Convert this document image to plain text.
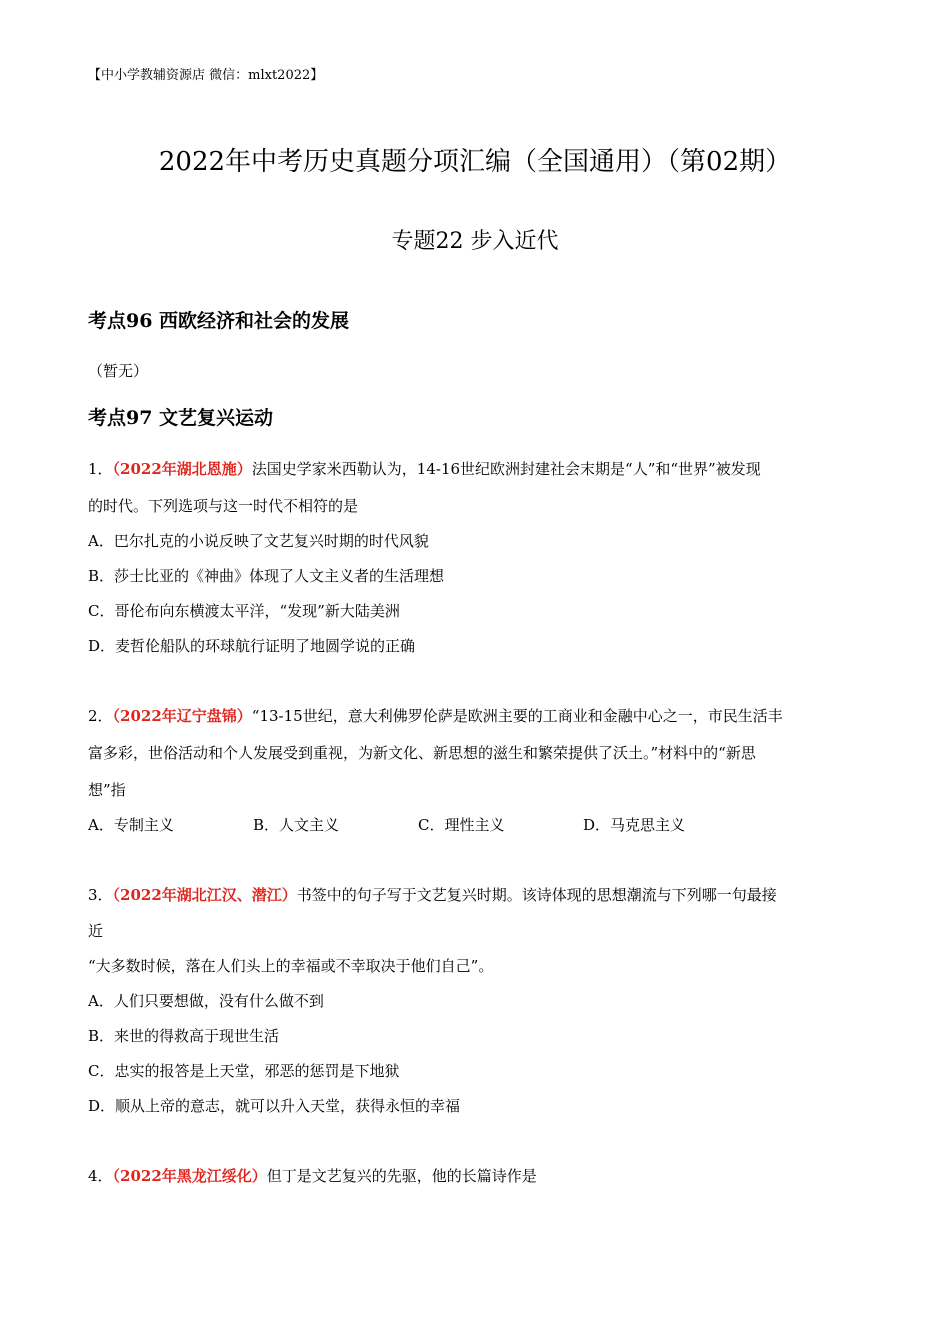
【中小学教辅资源店 微信：mlxt2022】
2022年中考历史真题分项汇编（全国通用）（第02期）
专题22 步入近代
考点96 西欧经济和社会的发展
（暂无）
考点97 文艺复兴运动
1．（2022年湖北恩施）法国史学家米西勒认为，14-16世纪欧洲封建社会末期是“人”和“世界”被发现
的时代。下列选项与这一时代不相符的是
A．巴尔扎克的小说反映了文艺复兴时期的时代风貌
B．莎士比亚的《神曲》体现了人文主义者的生活理想
C．哥伦布向东横渡太平洋，“发现”新大陆美洲
D．麦哲伦船队的环球航行证明了地圆学说的正确
2．（2022年辽宁盘锦）“13-15世纪，意大利佛罗伦萨是欧洲主要的工商业和金融中心之一，市民生活丰
富多彩，世俗活动和个人发展受到重视，为新文化、新思想的滋生和繁荣提供了沃土。”材料中的“新思
想”指
A．专制主义	B．人文主义	C．理性主义	D．马克思主义
3．（2022年湖北江汉、潜江）书签中的句子写于文艺复兴时期。该诗体现的思想潮流与下列哪一句最接
近
“大多数时候，落在人们头上的幸福或不幸取决于他们自己”。
A．人们只要想做，没有什么做不到
B．来世的得救高于现世生活
C．忠实的报答是上天堂，邪恶的惩罚是下地狱
D．顺从上帝的意志，就可以升入天堂，获得永恒的幸福
4．（2022年黑龙江绥化）但丁是文艺复兴的先驱，他的长篇诗作是
